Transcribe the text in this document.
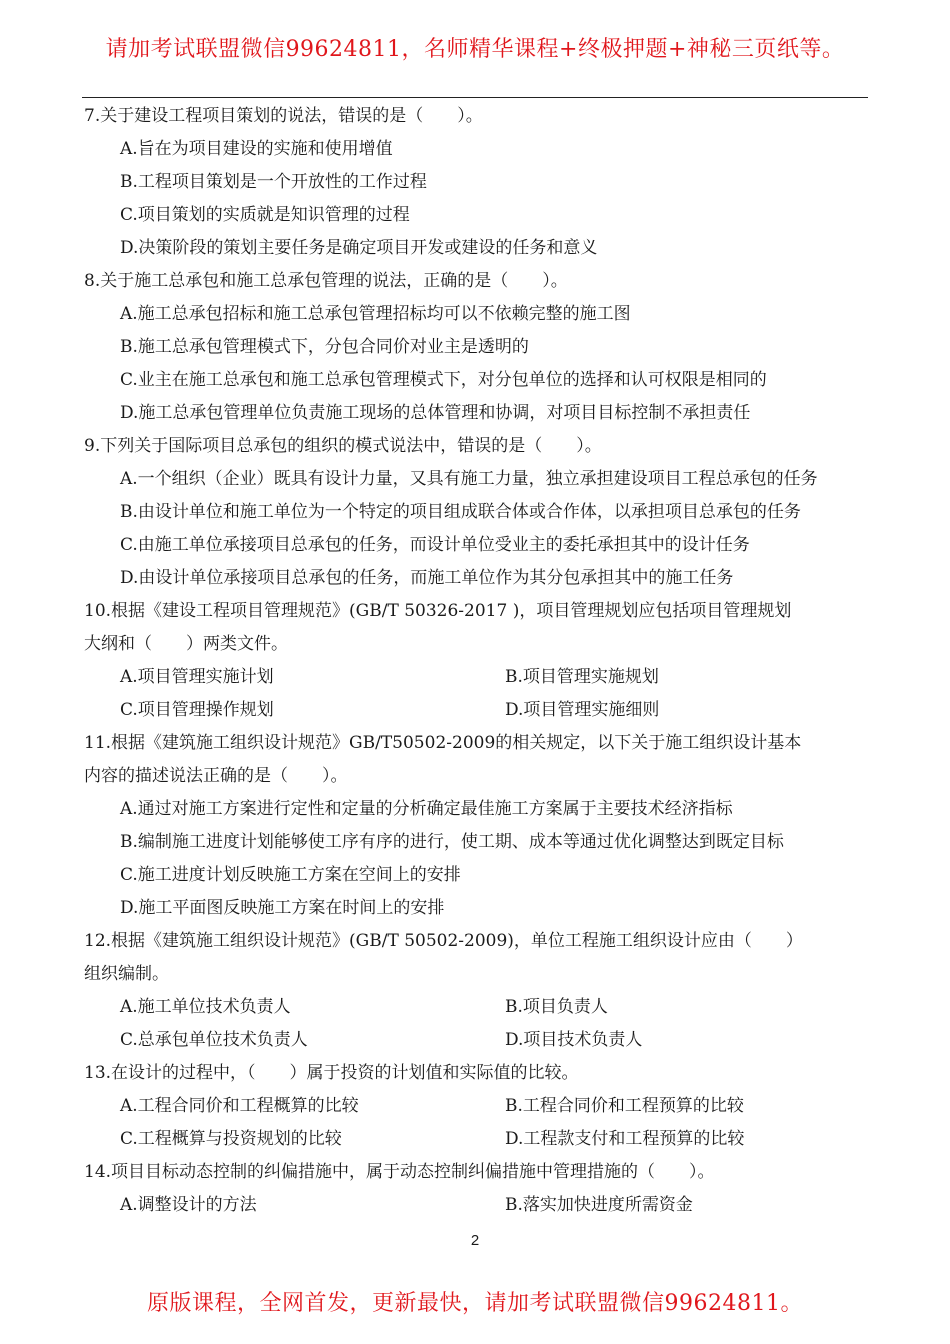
请加考试联盟微信99624811，名师精华课程+终极押题+神秘三页纸等。
7.关于建设工程项目策划的说法，错误的是（　　）。
A.旨在为项目建设的实施和使用增值
B.工程项目策划是一个开放性的工作过程
C.项目策划的实质就是知识管理的过程
D.决策阶段的策划主要任务是确定项目开发或建设的任务和意义
8.关于施工总承包和施工总承包管理的说法，正确的是（　　）。
A.施工总承包招标和施工总承包管理招标均可以不依赖完整的施工图
B.施工总承包管理模式下，分包合同价对业主是透明的
C.业主在施工总承包和施工总承包管理模式下，对分包单位的选择和认可权限是相同的
D.施工总承包管理单位负责施工现场的总体管理和协调，对项目目标控制不承担责任
9.下列关于国际项目总承包的组织的模式说法中，错误的是（　　）。
A.一个组织（企业）既具有设计力量，又具有施工力量，独立承担建设项目工程总承包的任务
B.由设计单位和施工单位为一个特定的项目组成联合体或合作体，以承担项目总承包的任务
C.由施工单位承接项目总承包的任务，而设计单位受业主的委托承担其中的设计任务
D.由设计单位承接项目总承包的任务，而施工单位作为其分包承担其中的施工任务
10.根据《建设工程项目管理规范》(GB/T 50326-2017 )，项目管理规划应包括项目管理规划
大纲和（　　）两类文件。
A.项目管理实施计划	B.项目管理实施规划
C.项目管理操作规划	D.项目管理实施细则
11.根据《建筑施工组织设计规范》GB/T50502-2009的相关规定，以下关于施工组织设计基本
内容的描述说法正确的是（　　）。
A.通过对施工方案进行定性和定量的分析确定最佳施工方案属于主要技术经济指标
B.编制施工进度计划能够使工序有序的进行，使工期、成本等通过优化调整达到既定目标
C.施工进度计划反映施工方案在空间上的安排
D.施工平面图反映施工方案在时间上的安排
12.根据《建筑施工组织设计规范》(GB/T 50502-2009)，单位工程施工组织设计应由（　　）
组织编制。
A.施工单位技术负责人	B.项目负责人
C.总承包单位技术负责人	D.项目技术负责人
13.在设计的过程中，（　　）属于投资的计划值和实际值的比较。
A.工程合同价和工程概算的比较	B.工程合同价和工程预算的比较
C.工程概算与投资规划的比较	D.工程款支付和工程预算的比较
14.项目目标动态控制的纠偏措施中，属于动态控制纠偏措施中管理措施的（　　）。
A.调整设计的方法	B.落实加快进度所需资金
2
原版课程，全网首发，更新最快，请加考试联盟微信99624811。
